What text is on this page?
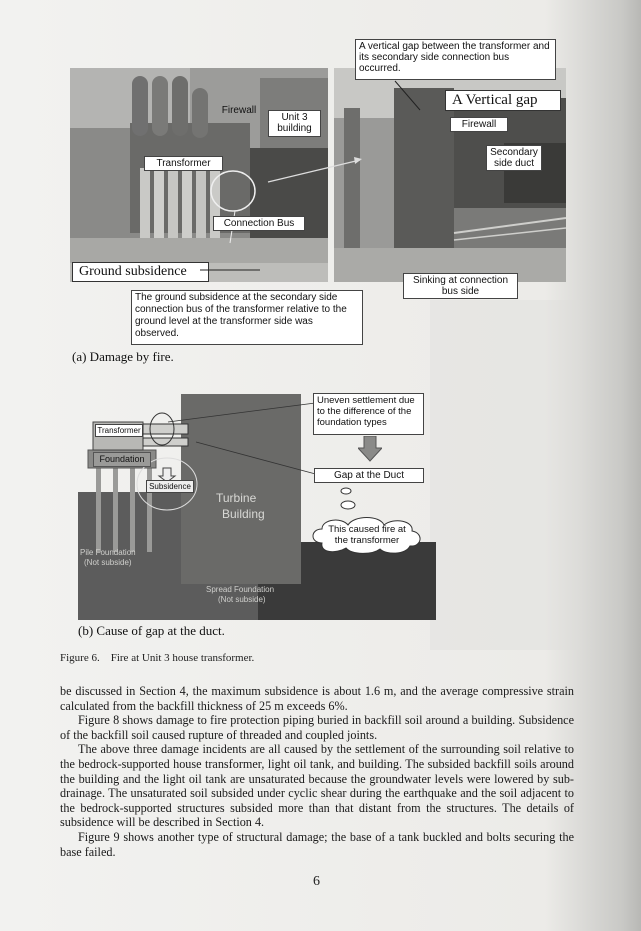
Firewall
Unit 3 building
Transformer
Connection Bus
Ground subsidence
A vertical gap between the transformer and its secondary side connection bus occurred.
A Vertical gap
Firewall
Secondary side duct
Sinking at connection bus side
The ground subsidence at the secondary side connection bus of the transformer relative to the ground level at the transformer side was observed.
(a) Damage by fire.
Turbine
Building
Pile Foundation
(Not subside)
Spread Foundation
(Not subside)
Transformer
Foundation
Subsidence
Uneven settlement due to the difference of the foundation types
Gap at the Duct
This caused fire at the transformer
(b) Cause of gap at the duct.
Figure 6.    Fire at Unit 3 house transformer.

be discussed in Section 4, the maximum subsidence is about 1.6 m, and the average compressive strain calculated from the backfill thickness of 25 m exceeds 6%.

Figure 8 shows damage to fire protection piping buried in backfill soil around a building. Subsidence of the backfill soil caused rupture of threaded and coupled joints.

The above three damage incidents are all caused by the settlement of the surrounding soil relative to the bedrock-supported house transformer, light oil tank, and building. The subsided backfill soils around the building and the light oil tank are unsaturated because the groundwater levels were lowered by sub-drainage. The unsaturated soil subsided under cyclic shear during the earthquake and the soil adjacent to the bedrock-supported structures subsided more than that distant from the structures. The details of subsidence will be described in Section 4.

Figure 9 shows another type of structural damage; the base of a tank buckled and bolts securing the base failed.

6
